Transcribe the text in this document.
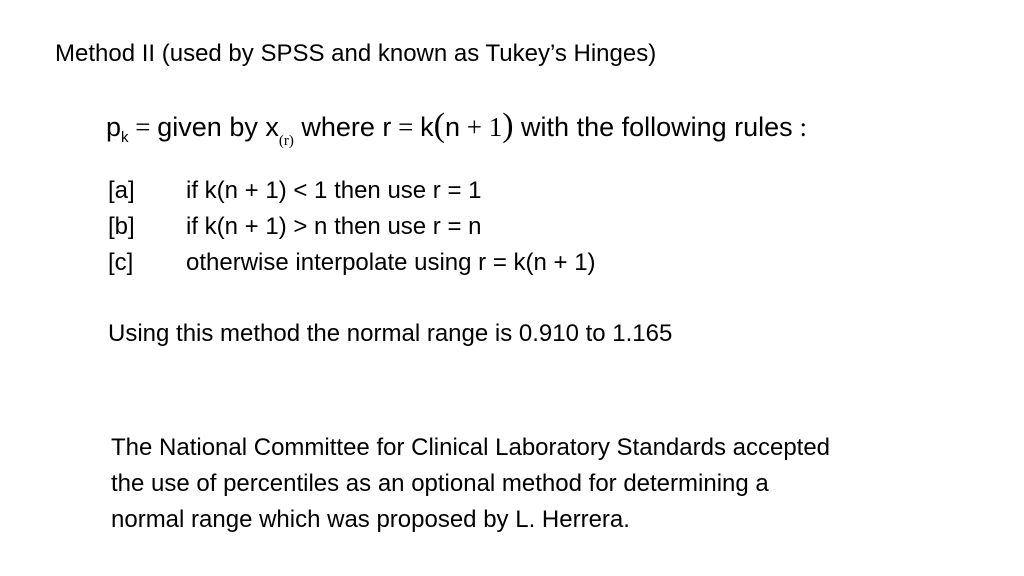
Method II (used by SPSS and known as Tukey’s Hinges)
p k = given by x (r) where r = k ( n + 1 ) with the following rules :
[a]	if k(n + 1) < 1 then use r = 1
[b]	if k(n + 1) > n then use r = n
[c]	otherwise interpolate using r = k(n + 1)
Using this method the normal range is 0.910 to 1.165
The National Committee for Clinical Laboratory Standards accepted
the use of percentiles as an optional method for determining a
normal range which was proposed by L. Herrera.
